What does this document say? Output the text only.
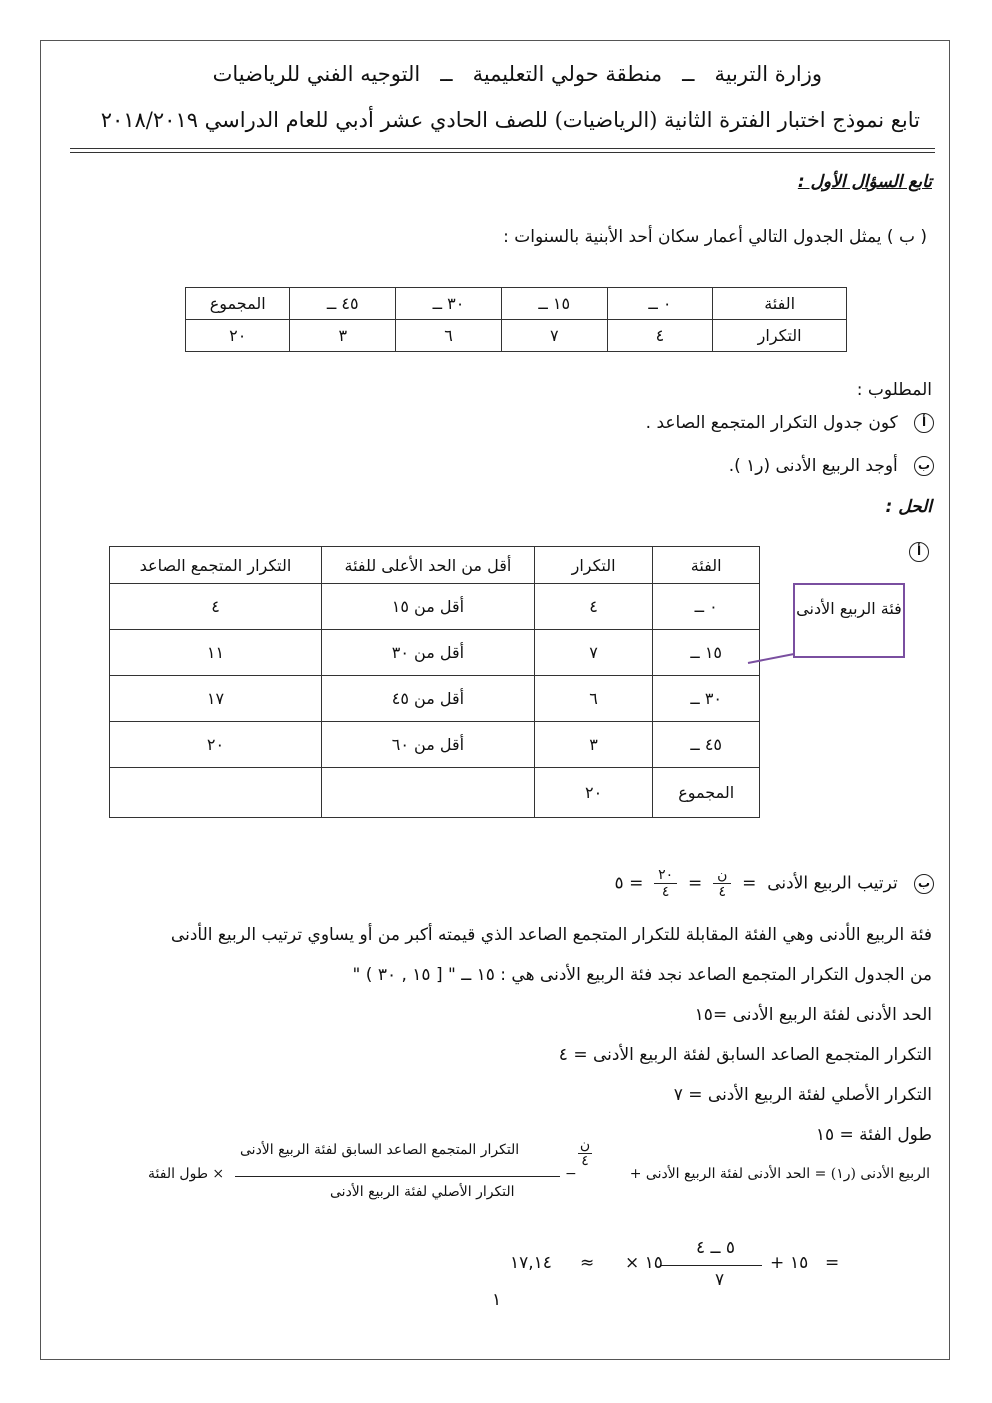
وزارة التربية   ــ   منطقة حولي التعليمية   ــ   التوجيه الفني للرياضيات
تابع نموذج اختبار الفترة الثانية (الرياضيات) للصف الحادي عشر أدبي للعام الدراسي ٢٠١٨/٢٠١٩
تابع السؤال الأول :
( ب ) يمثل الجدول التالي أعمار سكان أحد الأبنية بالسنوات :
الفئة	٠ ــ	١٥ ــ	٣٠ ــ	٤٥ ــ	المجموع
التكرار	٤	٧	٦	٣	٢٠
المطلوب :
أ   كون جدول التكرار المتجمع الصاعد .
ب   أوجد الربيع الأدنى (ر١ ).
الحل :
أ
الفئة	التكرار	أقل من الحد الأعلى للفئة	التكرار المتجمع الصاعد
٠ ــ	٤	أقل من ١٥	٤
١٥ ــ	٧	أقل من ٣٠	١١
٣٠ ــ	٦	أقل من ٤٥	١٧
٤٥ ــ	٣	أقل من ٦٠	٢٠
المجموع	٢٠		
فئة الربيع الأدنى
ب   ترتيب الربيع الأدنى  =
$\frac{\text{ن}}{٤}$
=
$\frac{٢٠}{٤}$
= ٥
فئة الربيع الأدنى وهي الفئة المقابلة للتكرار المتجمع الصاعد الذي قيمته أكبر من أو يساوي ترتيب الربيع الأدنى
من الجدول التكرار المتجمع الصاعد نجد فئة الربيع الأدنى هي : ١٥ ــ " [ ١٥ , ٣٠ ) "
الحد الأدنى لفئة الربيع الأدنى =١٥
التكرار المتجمع الصاعد السابق لفئة الربيع الأدنى = ٤
التكرار الأصلي لفئة الربيع الأدنى = ٧
طول الفئة = ١٥
الربيع الأدنى (ر١) = الحد الأدنى لفئة الربيع الأدنى +
ن
٤
−
التكرار المتجمع الصاعد السابق لفئة الربيع الأدنى
التكرار الأصلي لفئة الربيع الأدنى
× طول الفئة
=
١٥
+
٥ ــ ٤
٧
× ١٥
≈
١٧,١٤
١
